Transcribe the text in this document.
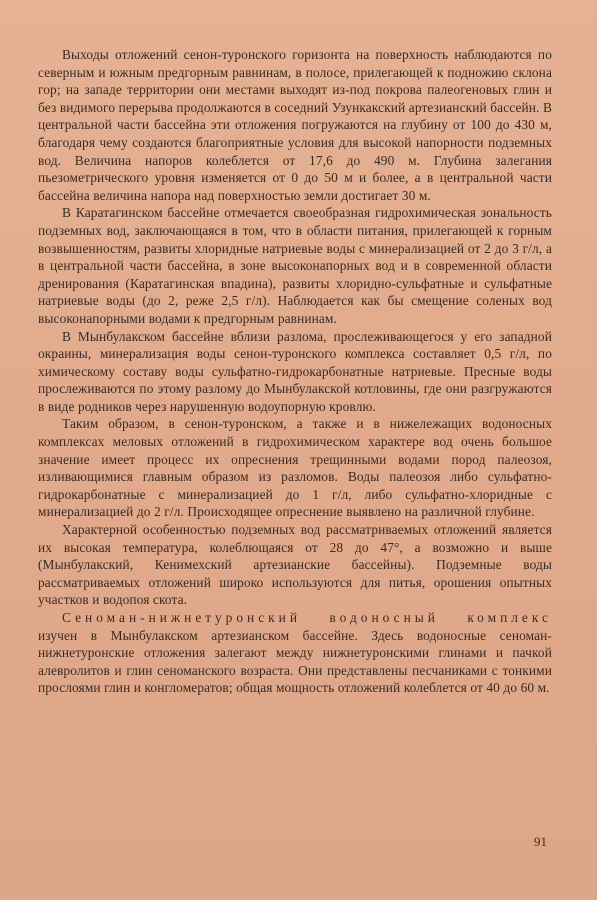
Выходы отложений сенон-туронского горизонта на поверхность наблюдаются по северным и южным предгорным равнинам, в полосе, прилегающей к подножию склона гор; на западе территории они местами выходят из-под покрова палеогеновых глин и без видимого перерыва продолжаются в соседний Узункакский артезианский бассейн. В центральной части бассейна эти отложения погружаются на глубину от 100 до 430 м, благодаря чему создаются благоприятные условия для высокой напорности подземных вод. Величина напоров колеблется от 17,6 до 490 м. Глубина залегания пьезометрического уровня изменяется от 0 до 50 м и более, а в центральной части бассейна величина напора над поверхностью земли достигает 30 м.

В Каратагинском бассейне отмечается своеобразная гидрохимическая зональность подземных вод, заключающаяся в том, что в области питания, прилегающей к горным возвышенностям, развиты хлоридные натриевые воды с минерализацией от 2 до 3 г/л, а в центральной части бассейна, в зоне высоконапорных вод и в современной области дренирования (Каратагинская впадина), развиты хлоридно-сульфатные и сульфатные натриевые воды (до 2, реже 2,5 г/л). Наблюдается как бы смещение соленых вод высоконапорными водами к предгорным равнинам.

В Мынбулакском бассейне вблизи разлома, прослеживающегося у его западной окраины, минерализация воды сенон-туронского комплекса составляет 0,5 г/л, по химическому составу воды сульфатно-гидрокарбонатные натриевые. Пресные воды прослеживаются по этому разлому до Мынбулакской котловины, где они разгружаются в виде родников через нарушенную водоупорную кровлю.

Таким образом, в сенон-туронском, а также и в нижележащих водоносных комплексах меловых отложений в гидрохимическом характере вод очень большое значение имеет процесс их опреснения трещинными водами пород палеозоя, изливающимися главным образом из разломов. Воды палеозоя либо сульфатно-гидрокарбонатные с минерализацией до 1 г/л, либо сульфатно-хлоридные с минерализацией до 2 г/л. Происходящее опреснение выявлено на различной глубине.

Характерной особенностью подземных вод рассматриваемых отложений является их высокая температура, колеблющаяся от 28 до 47°, а возможно и выше (Мынбулакский, Кенимехский артезианские бассейны). Подземные воды рассматриваемых отложений широко используются для питья, орошения опытных участков и водопоя скота.

Сеноман-нижнетуронский водоносный комплекс изучен в Мынбулакском артезианском бассейне. Здесь водоносные сеноман-нижнетуронские отложения залегают между нижнетуронскими глинами и пачкой алевролитов и глин сеноманского возраста. Они представлены песчаниками с тонкими прослоями глин и конгломератов; общая мощность отложений колеблется от 40 до 60 м.

91
